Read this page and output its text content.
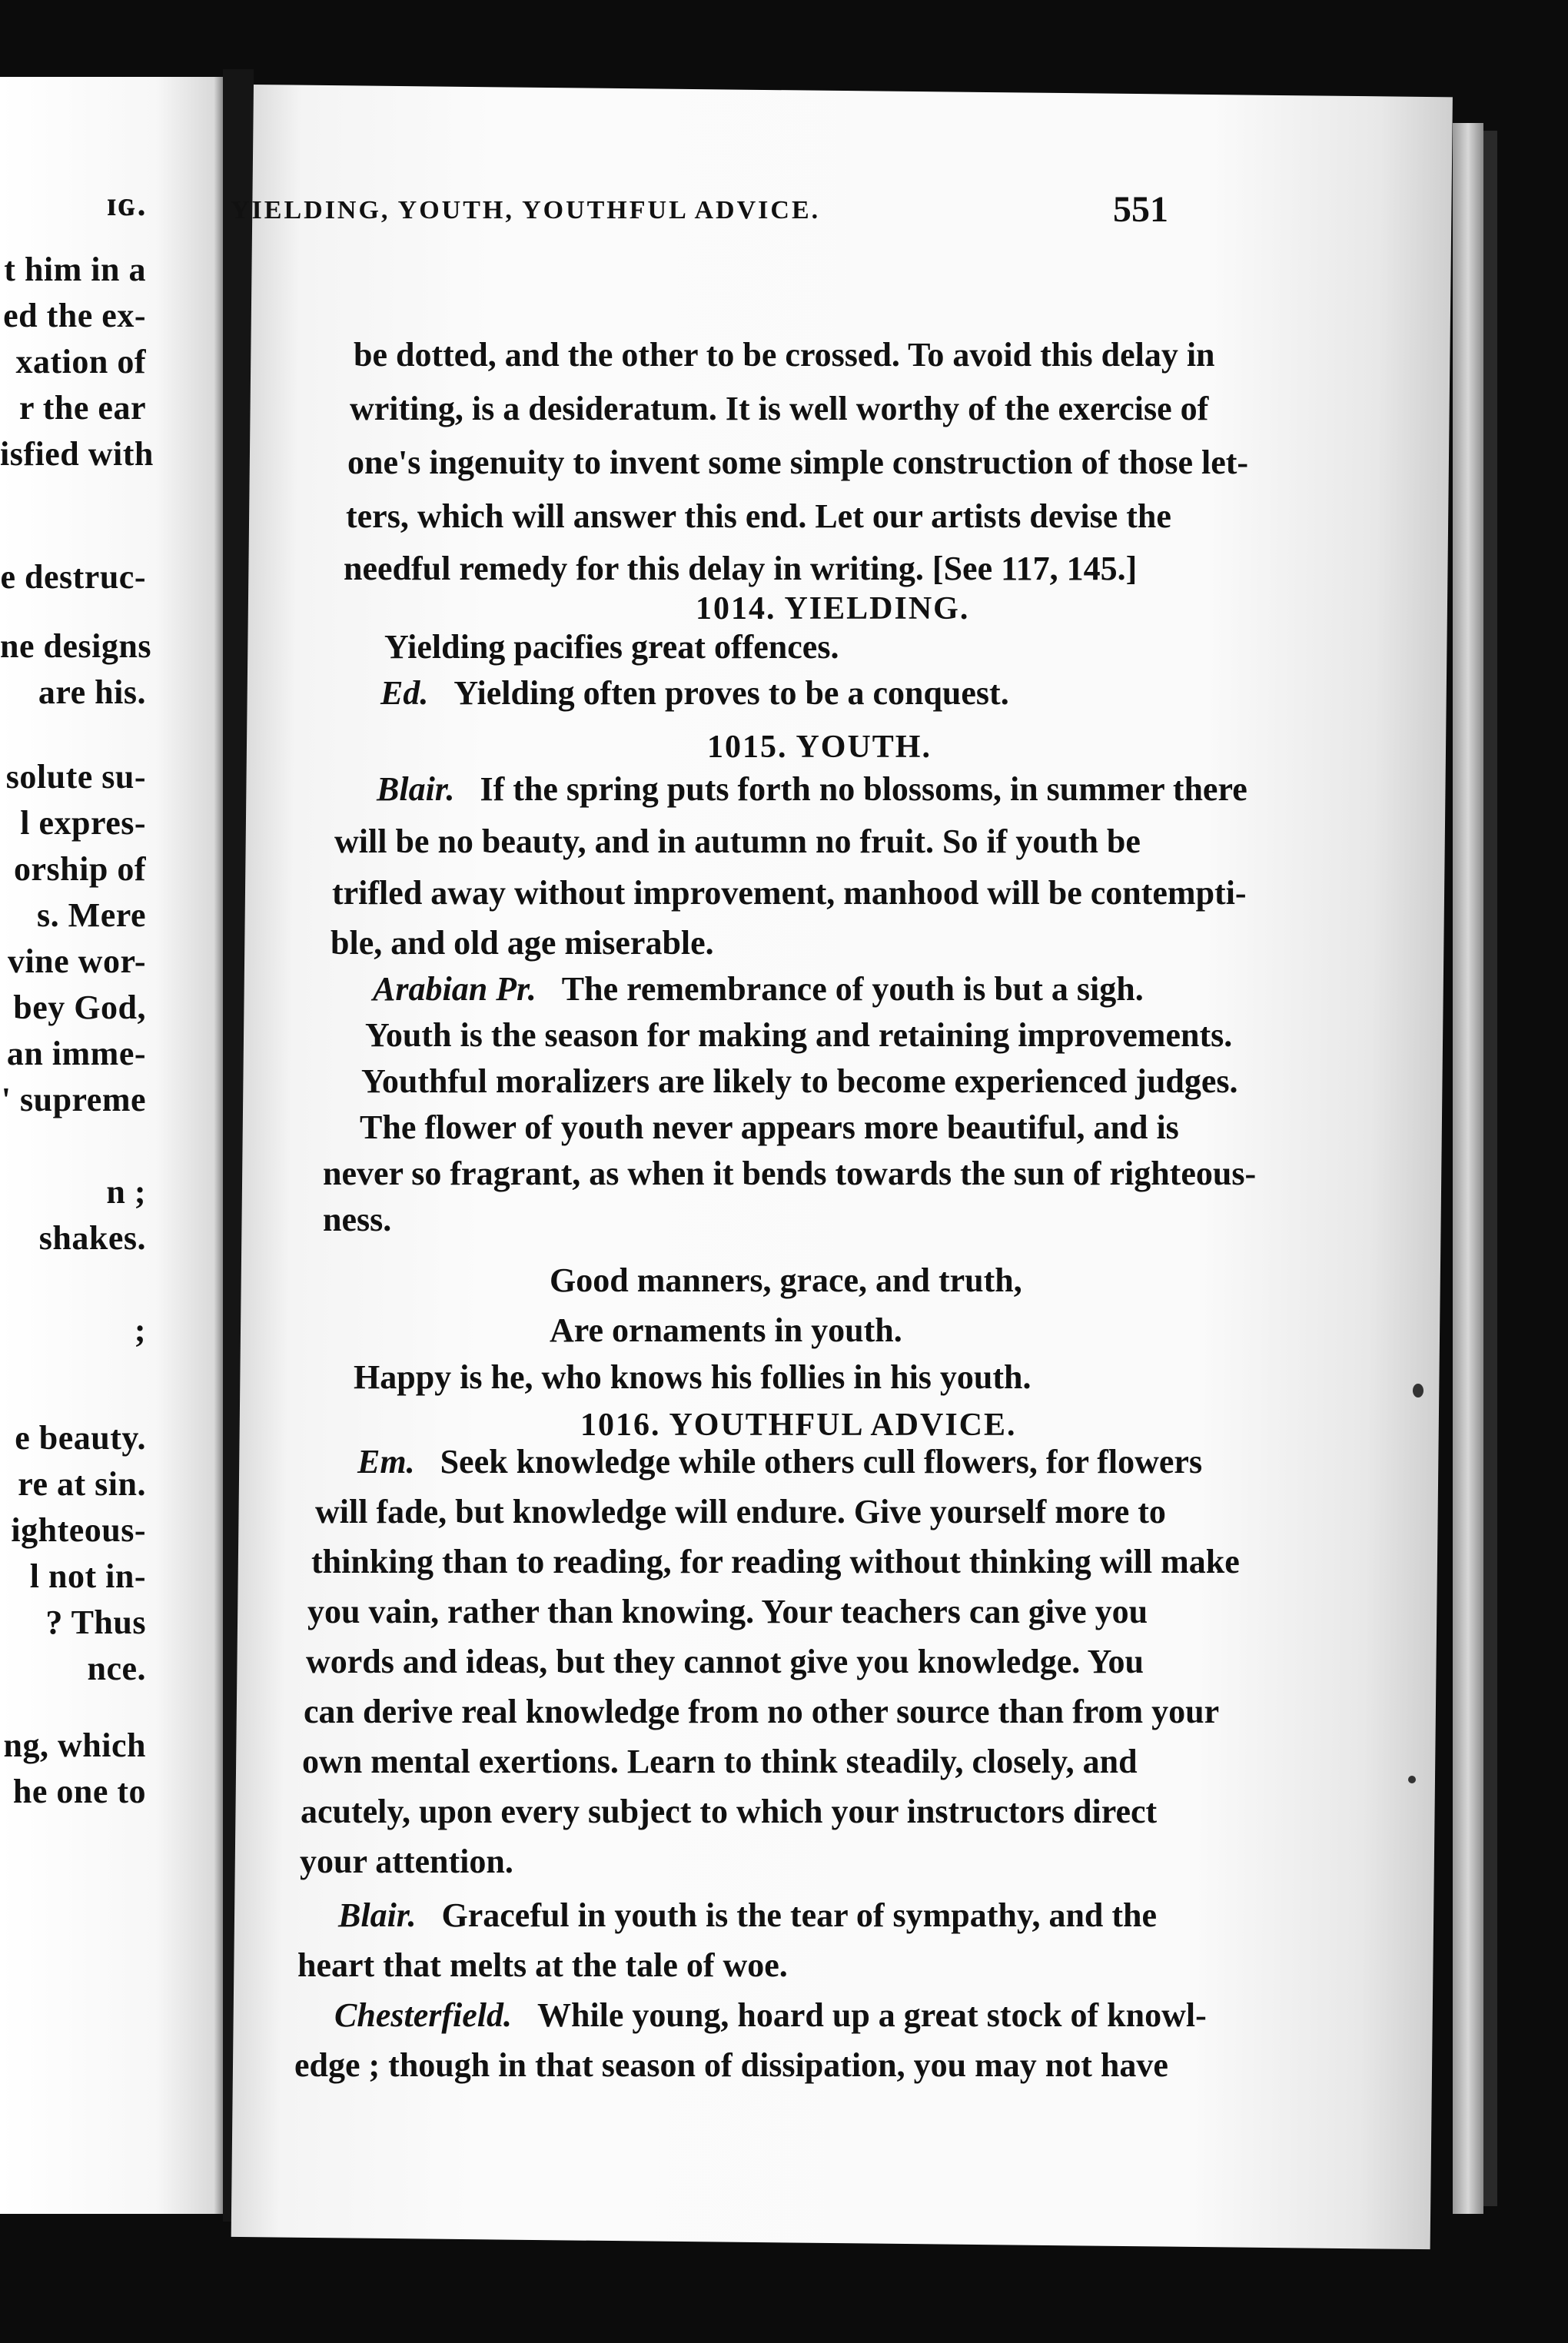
ɪɢ.
t him in a
ed the ex-
xation of
r the ear
isfied with
e destruc-
ne designs
are his.
solute su-
l expres-
orship of
s. Mere
vine wor-
bey God,
an imme-
' supreme
n ;
shakes.
;
e beauty.
re at sin.
ighteous-
l not in-
? Thus
nce.
ng, which
he one to
YIELDING, YOUTH, YOUTHFUL ADVICE.	551
be dotted, and the other to be crossed. To avoid this delay in
writing, is a desideratum. It is well worthy of the exercise of
one's ingenuity to invent some simple construction of those let-
ters, which will answer this end. Let our artists devise the
needful remedy for this delay in writing. [See 117, 145.]
1014. YIELDING.
Yielding pacifies great offences.
Ed. Yielding often proves to be a conquest.
1015. YOUTH.
Blair. If the spring puts forth no blossoms, in summer there
will be no beauty, and in autumn no fruit. So if youth be
trifled away without improvement, manhood will be contempti-
ble, and old age miserable.
Arabian Pr. The remembrance of youth is but a sigh.
Youth is the season for making and retaining improvements.
Youthful moralizers are likely to become experienced judges.
The flower of youth never appears more beautiful, and is
never so fragrant, as when it bends towards the sun of righteous-
ness.
Good manners, grace, and truth,
Are ornaments in youth.
Happy is he, who knows his follies in his youth.
1016. YOUTHFUL ADVICE.
Em. Seek knowledge while others cull flowers, for flowers
will fade, but knowledge will endure. Give yourself more to
thinking than to reading, for reading without thinking will make
you vain, rather than knowing. Your teachers can give you
words and ideas, but they cannot give you knowledge. You
can derive real knowledge from no other source than from your
own mental exertions. Learn to think steadily, closely, and
acutely, upon every subject to which your instructors direct
your attention.
Blair. Graceful in youth is the tear of sympathy, and the
heart that melts at the tale of woe.
Chesterfield. While young, hoard up a great stock of knowl-
edge ; though in that season of dissipation, you may not have
